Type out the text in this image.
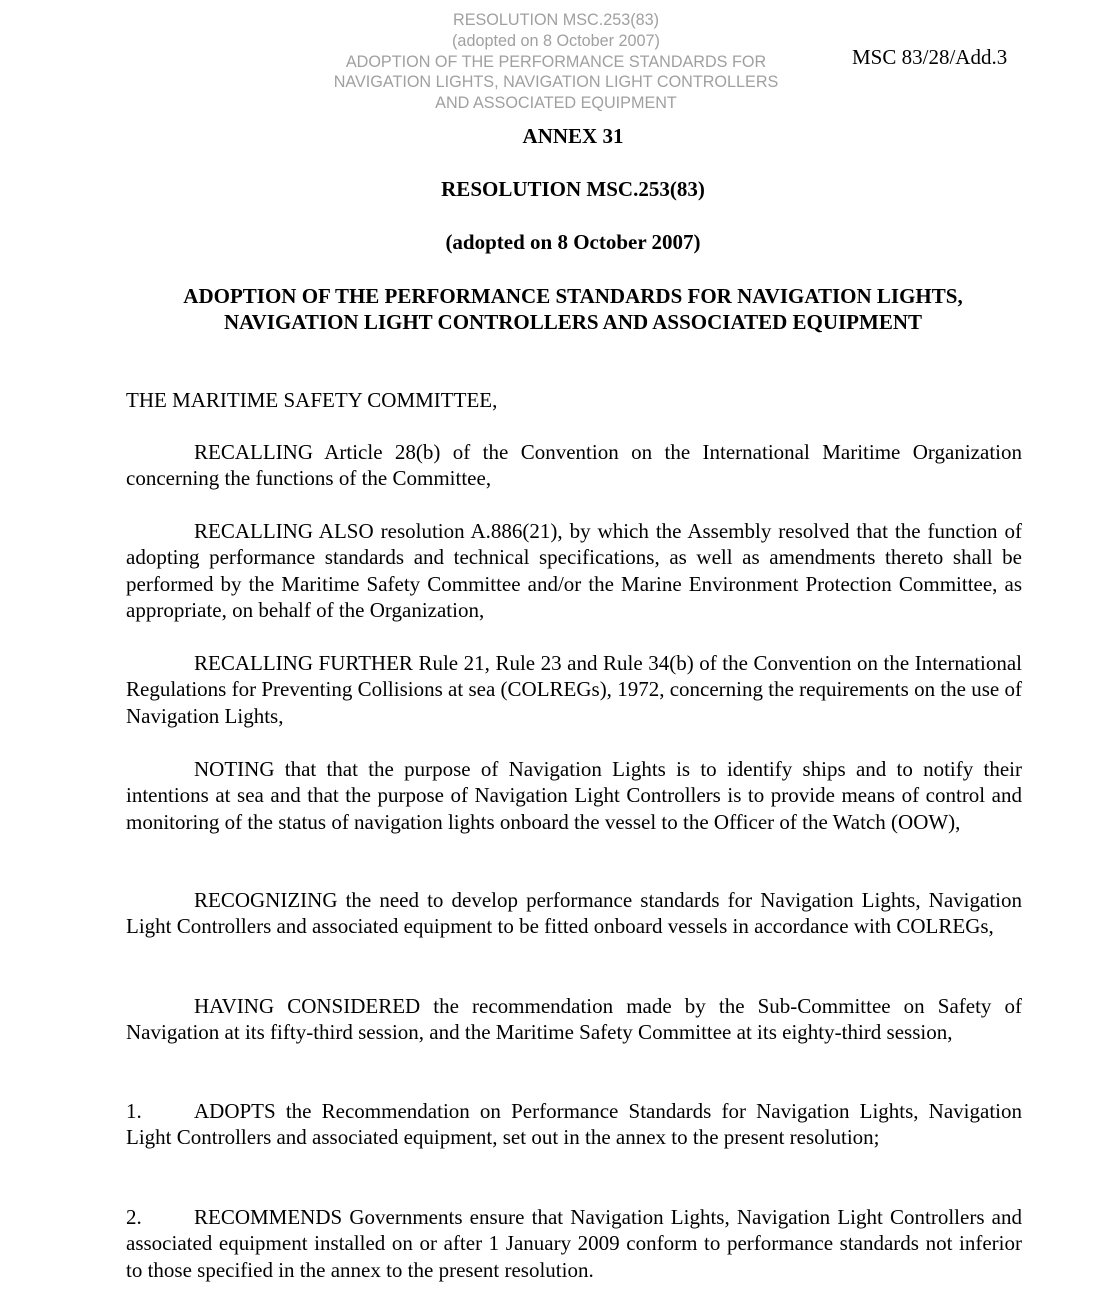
RESOLUTION MSC.253(83)
(adopted on 8 October 2007)
ADOPTION OF THE PERFORMANCE STANDARDS FOR
NAVIGATION LIGHTS, NAVIGATION LIGHT CONTROLLERS
AND ASSOCIATED EQUIPMENT
MSC 83/28/Add.3
ANNEX 31
RESOLUTION MSC.253(83)
(adopted on 8 October 2007)
ADOPTION OF THE PERFORMANCE STANDARDS FOR NAVIGATION LIGHTS,
NAVIGATION LIGHT CONTROLLERS AND ASSOCIATED EQUIPMENT
THE MARITIME SAFETY COMMITTEE,
RECALLING Article 28(b) of the Convention on the International Maritime Organization concerning the functions of the Committee,
RECALLING ALSO resolution A.886(21), by which the Assembly resolved that the function of adopting performance standards and technical specifications, as well as amendments thereto shall be performed by the Maritime Safety Committee and/or the Marine Environment Protection Committee, as appropriate, on behalf of the Organization,
RECALLING FURTHER Rule 21, Rule 23 and Rule 34(b) of the Convention on the International Regulations for Preventing Collisions at sea (COLREGs), 1972, concerning the requirements on the use of Navigation Lights,
NOTING that that the purpose of Navigation Lights is to identify ships and to notify their intentions at sea and that the purpose of Navigation Light Controllers is to provide means of control and monitoring of the status of navigation lights onboard the vessel to the Officer of the Watch (OOW),
RECOGNIZING the need to develop performance standards for Navigation Lights, Navigation Light Controllers and associated equipment to be fitted onboard vessels in accordance with COLREGs,
HAVING CONSIDERED the recommendation made by the Sub-Committee on Safety of Navigation at its fifty-third session, and the Maritime Safety Committee at its eighty-third session,
1. ADOPTS the Recommendation on Performance Standards for Navigation Lights, Navigation Light Controllers and associated equipment, set out in the annex to the present resolution;
2. RECOMMENDS Governments ensure that Navigation Lights, Navigation Light Controllers and associated equipment installed on or after 1 January 2009 conform to performance standards not inferior to those specified in the annex to the present resolution.
